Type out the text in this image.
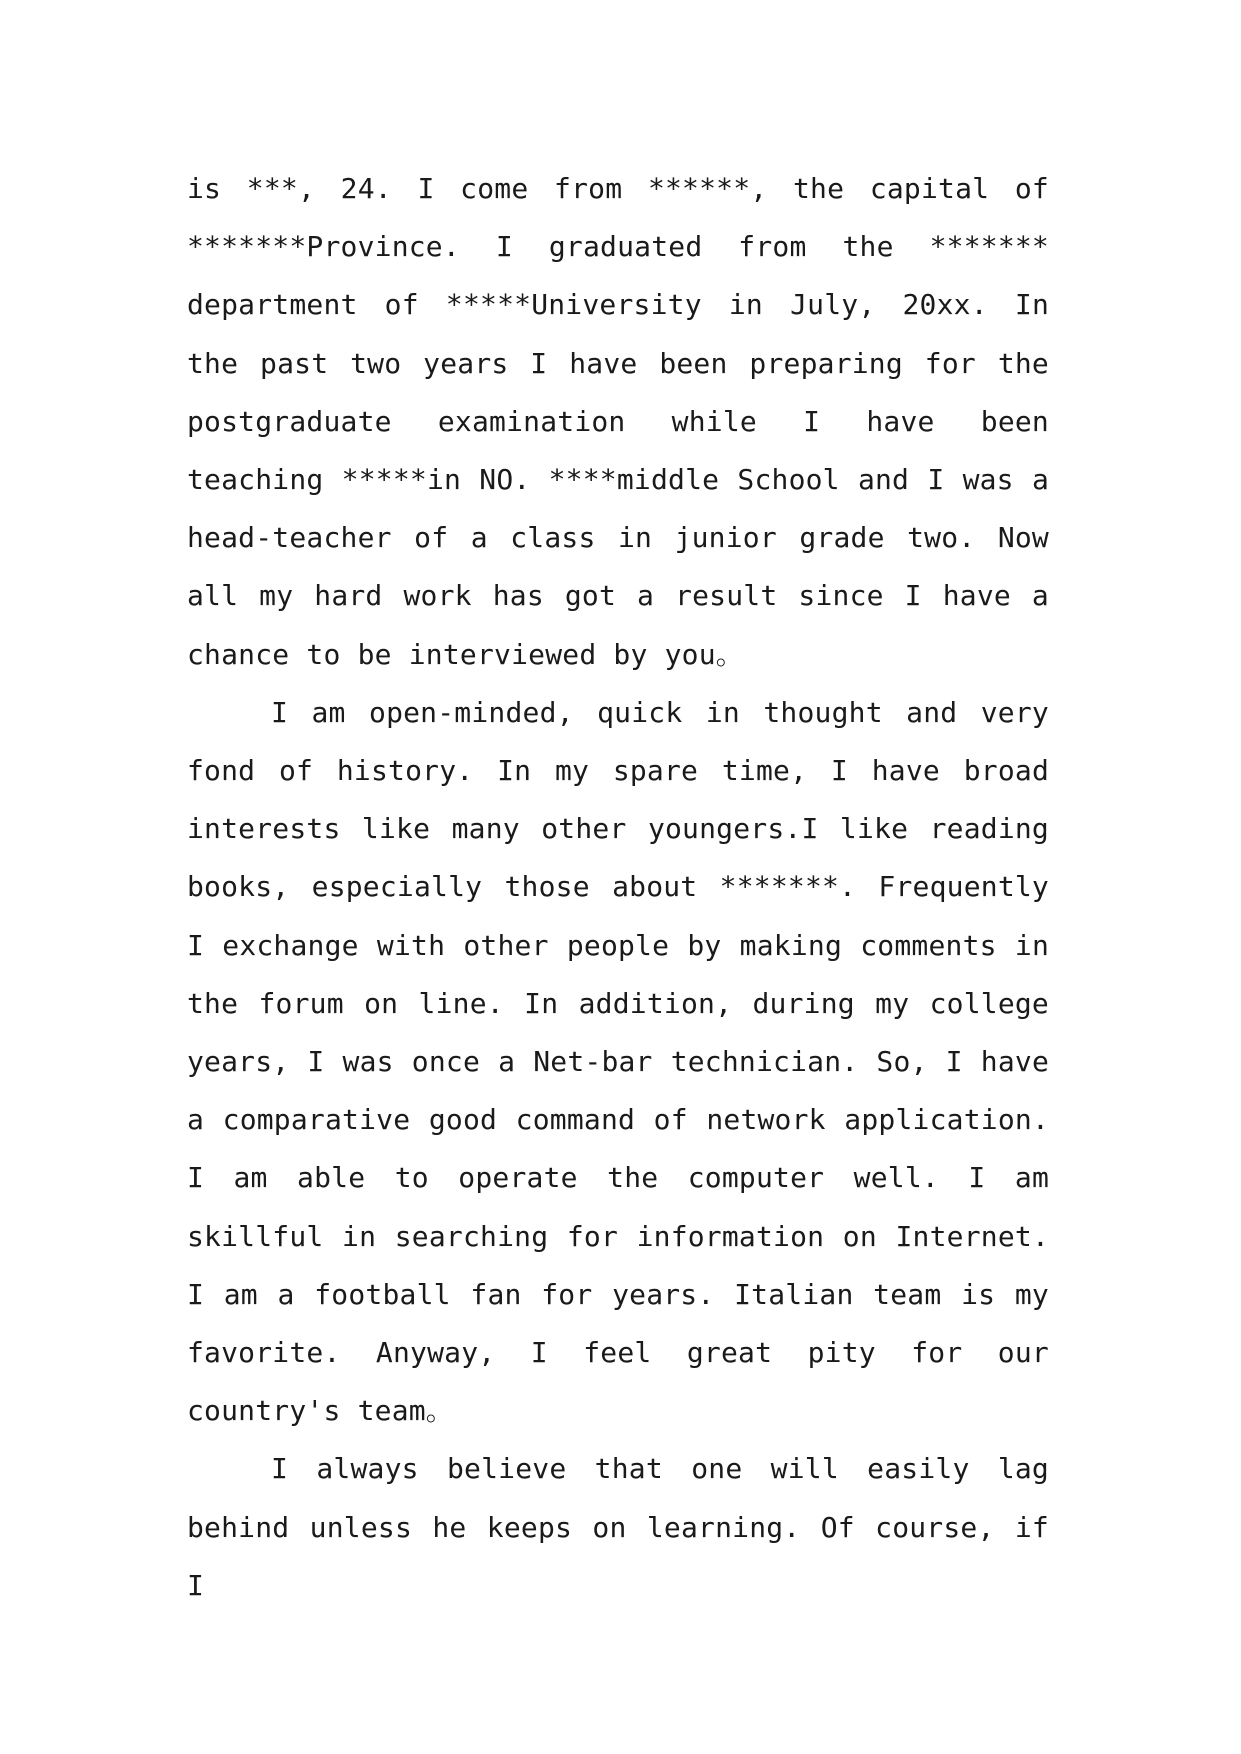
is ***, 24. I come from ******, the capital of *******Province. I graduated from the ******* department of *****University in July, 20xx. In the past two years I have been preparing for the postgraduate examination while I have been teaching *****in NO. ****middle School and I was a head-teacher of a class in junior grade two. Now all my hard work has got a result since I have a chance to be interviewed by you。

I am open-minded, quick in thought and very fond of history. In my spare time, I have broad interests like many other youngers.I like reading books, especially those about *******. Frequently I exchange with other people by making comments in the forum on line. In addition, during my college years, I was once a Net-bar technician. So, I have a comparative good command of network application. I am able to operate the computer well. I am skillful in searching for information on Internet. I am a football fan for years. Italian team is my favorite. Anyway, I feel great pity for our country's team。

I always believe that one will easily lag behind unless he keeps on learning. Of course, if I
